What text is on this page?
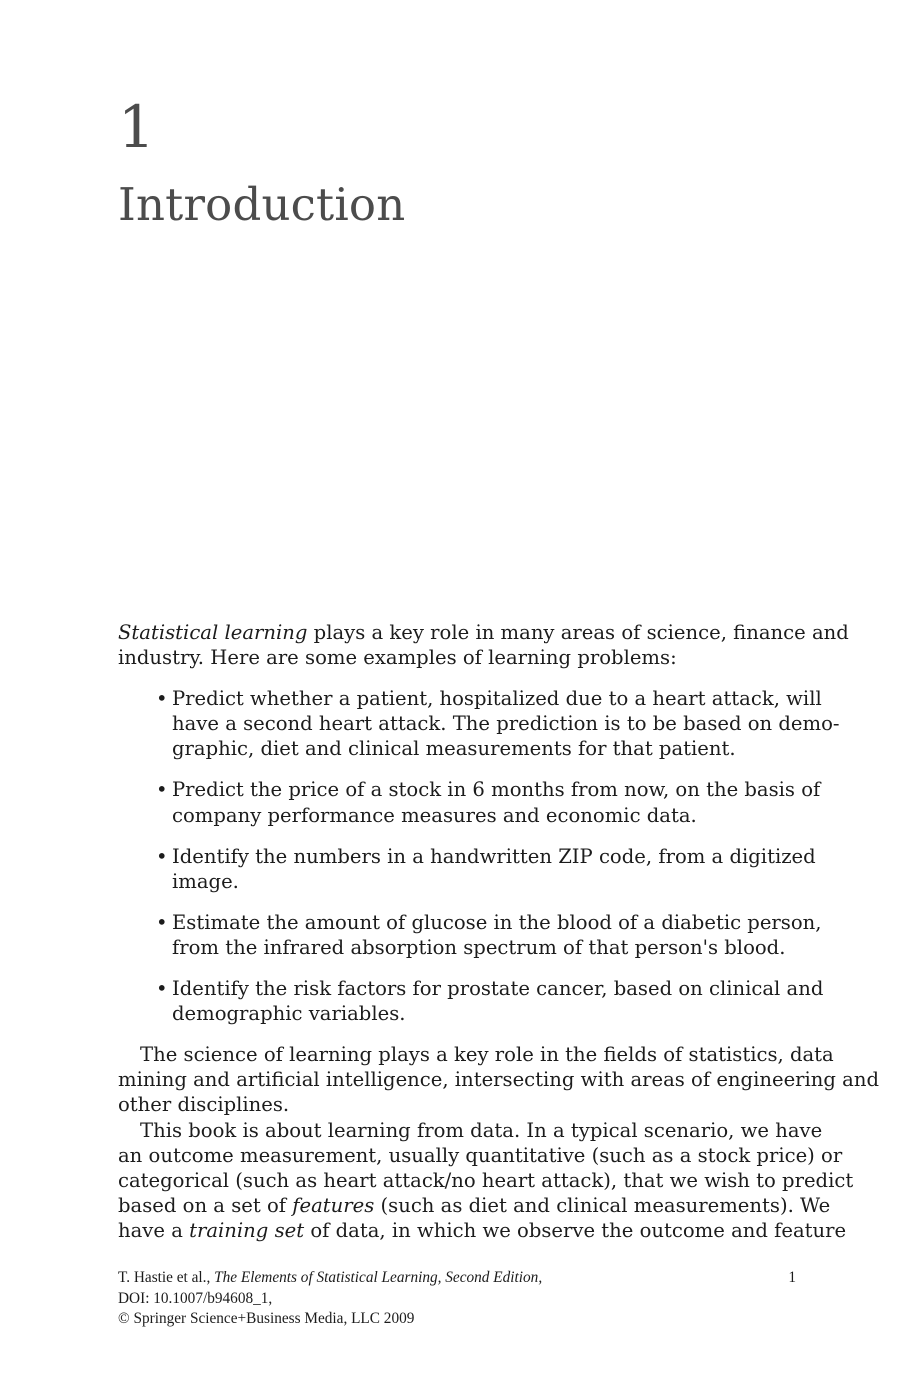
1
Introduction
Statistical learning plays a key role in many areas of science, finance and
industry. Here are some examples of learning problems:
• Predict whether a patient, hospitalized due to a heart attack, will
have a second heart attack. The prediction is to be based on demo-
graphic, diet and clinical measurements for that patient.
• Predict the price of a stock in 6 months from now, on the basis of
company performance measures and economic data.
• Identify the numbers in a handwritten ZIP code, from a digitized
image.
• Estimate the amount of glucose in the blood of a diabetic person,
from the infrared absorption spectrum of that person's blood.
• Identify the risk factors for prostate cancer, based on clinical and
demographic variables.
The science of learning plays a key role in the fields of statistics, data
mining and artificial intelligence, intersecting with areas of engineering and
other disciplines.
This book is about learning from data. In a typical scenario, we have
an outcome measurement, usually quantitative (such as a stock price) or
categorical (such as heart attack/no heart attack), that we wish to predict
based on a set of features (such as diet and clinical measurements). We
have a training set of data, in which we observe the outcome and feature
T. Hastie et al., The Elements of Statistical Learning, Second Edition,
DOI: 10.1007/b94608_1,
© Springer Science+Business Media, LLC 2009
1
